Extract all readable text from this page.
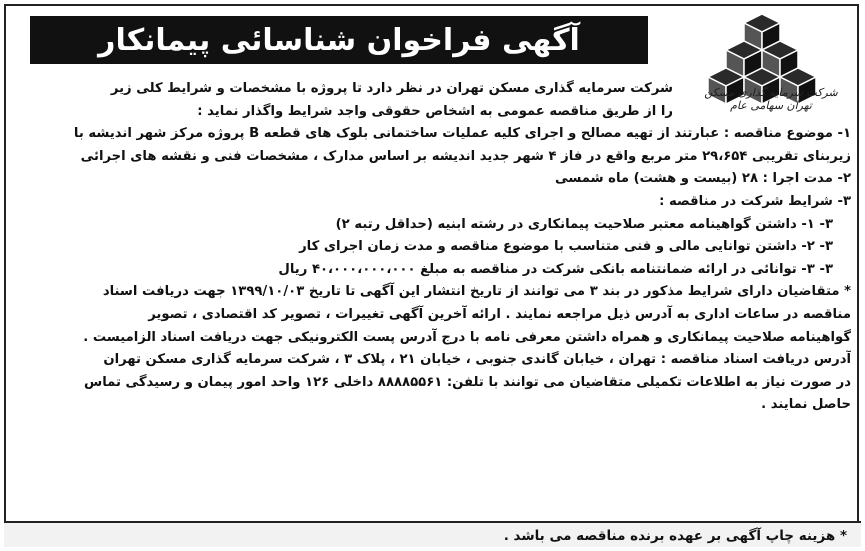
آگهی فراخوان شناسائی پیمانکار
شرکت سرمایه گذاری مسکن تهران سهامی عام

شرکت سرمایه گذاری مسکن تهران در نظر دارد تا پروژه با مشخصات و شرایط کلی زیر

را از طریق مناقصه عمومی به اشخاص حقوقی واجد شرایط واگذار نماید :

۱- موضوع مناقصه : عبارتند از تهیه مصالح و اجرای کلیه عملیات ساختمانی بلوک های قطعه B پروژه مرکز شهر اندیشه با

زیربنای تقریبی ۲۹،۶۵۴ متر مربع واقع در فاز ۴ شهر جدید اندیشه بر اساس مدارک ، مشخصات فنی و نقشه های اجرائی

۲- مدت اجرا : ۲۸ (بیست و هشت) ماه شمسی

۳- شرایط شرکت در مناقصه :

۳- ۱- داشتن گواهینامه معتبر صلاحیت پیمانکاری در رشته ابنیه (حداقل رتبه ۲)

۳- ۲- داشتن توانایی مالی و فنی متناسب با موضوع مناقصه و مدت زمان اجرای کار

۳- ۳- توانائی در ارائه ضمانتنامه بانکی شرکت در مناقصه به مبلغ ۴۰،۰۰۰،۰۰۰،۰۰۰ ریال

* متقاضیان دارای شرایط مذکور در بند ۳ می توانند از تاریخ انتشار این آگهی تا تاریخ ۱۳۹۹/۱۰/۰۳ جهت دریافت اسناد

مناقصه در ساعات اداری به آدرس ذیل مراجعه نمایند . ارائه آخرین آگهی تغییرات ، تصویر کد اقتصادی ، تصویر

گواهینامه صلاحیت پیمانکاری و همراه داشتن معرفی نامه با درج آدرس پست الکترونیکی جهت دریافت اسناد الزامیست .

آدرس دریافت اسناد مناقصه : تهران ، خیابان گاندی جنوبی ، خیابان ۲۱ ، پلاک ۳ ، شرکت سرمایه گذاری مسکن تهران

در صورت نیاز به اطلاعات تکمیلی متقاضیان می توانند با تلفن: ۸۸۸۸۵۵۶۱ داخلی ۱۲۶ واحد امور پیمان و رسیدگی تماس

حاصل نمایند .

* هزینه چاپ آگهی بر عهده برنده مناقصه می باشد .
